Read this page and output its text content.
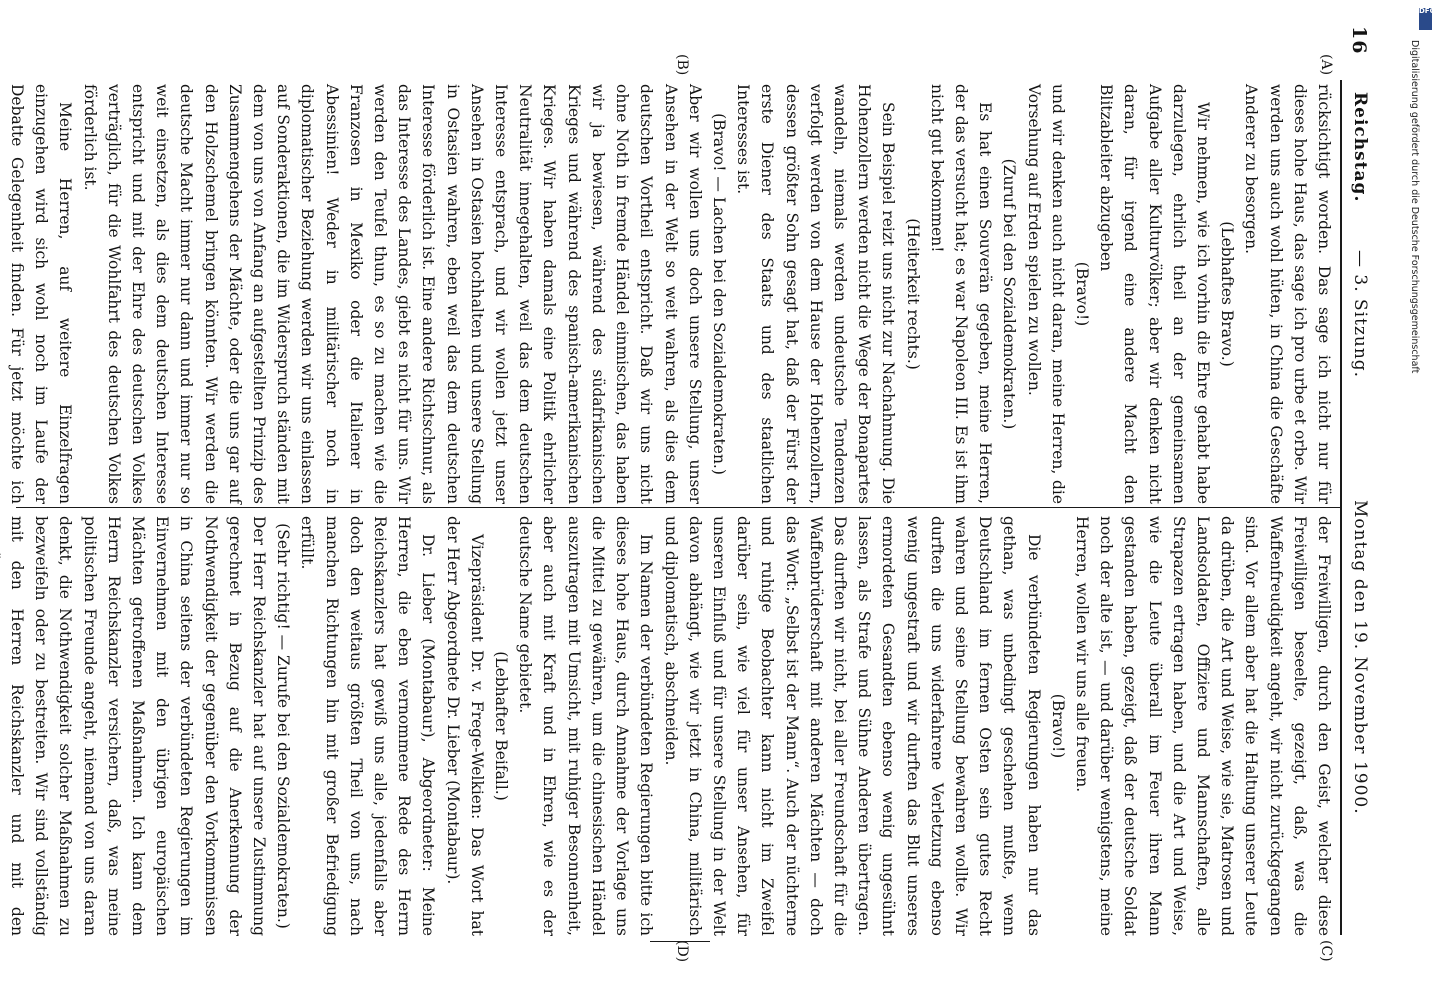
DFG
Digitalisierung gefördert durch die Deutsche Forschungsgemeinschaft
16
Reichstag.
— 3. Sitzung.
Montag den 19. November 1900.
(A)
(B)
(C)
(D)

rücksichtigt worden. Das sage ich nicht nur für dieses hohe Haus, das sage ich pro urbe et orbe. Wir werden uns auch wohl hüten, in China die Geschäfte Anderer zu besorgen.

(Lebhaftes Bravo.)

Wir nehmen, wie ich vorhin die Ehre gehabt habe darzulegen, ehrlich theil an der gemeinsamen Aufgabe aller Kulturvölker; aber wir denken nicht daran, für irgend eine andere Macht den Blitzableiter abzugeben

(Bravo!)

und wir denken auch nicht daran, meine Herren, die Vorsehung auf Erden spielen zu wollen.

(Zuruf bei den Sozialdemokraten.)

Es hat einen Souverän gegeben, meine Herren, der das versucht hat; es war Napoleon III. Es ist ihm nicht gut bekommen!

(Heiterkeit rechts.)

Sein Beispiel reizt uns nicht zur Nachahmung. Die Hohenzollern werden nicht die Wege der Bonapartes wandeln, niemals werden undeutsche Tendenzen verfolgt werden von dem Hause der Hohenzollern, dessen größter Sohn gesagt hat, daß der Fürst der erste Diener des Staats und des staatlichen Interesses ist.

(Bravo! — Lachen bei den Sozialdemokraten.)

Aber wir wollen uns doch unsere Stellung, unser Ansehen in der Welt so weit wahren, als dies dem deutschen Vortheil entspricht. Daß wir uns nicht ohne Noth in fremde Händel einmischen, das haben wir ja bewiesen, während des südafrikanischen Krieges und während des spanisch-amerikanischen Krieges. Wir haben damals eine Politik ehrlicher Neutralität innegehalten, weil das dem deutschen Interesse entsprach, und wir wollen jetzt unser Ansehen in Ostasien hochhalten und unsere Stellung in Ostasien wahren, eben weil das dem deutschen Interesse förderlich ist. Eine andere Richtschnur, als das Interesse des Landes, giebt es nicht für uns. Wir werden den Teufel thun, es so zu machen wie die Franzosen in Mexiko oder die Italiener in Abessinien! Weder in militärischer noch in diplomatischer Beziehung werden wir uns einlassen auf Sonderaktionen, die im Widerspruch ständen mit dem von uns von Anfang an aufgestellten Prinzip des Zusammengehens der Mächte, oder die uns gar auf den Holzschemel bringen könnten. Wir werden die deutsche Macht immer nur dann und immer nur so weit einsetzen, als dies dem deutschen Interesse entspricht und mit der Ehre des deutschen Volkes verträglich, für die Wohlfahrt des deutschen Volkes förderlich ist.

Meine Herren, auf weitere Einzelfragen einzugehen wird sich wohl noch im Laufe der Debatte Gelegenheit finden. Für jetzt möchte ich

der Freiwilligen, durch den Geist, welcher diese Freiwilligen beseelte, gezeigt, daß, was die Waffenfreudigkeit angeht, wir nicht zurückgegangen sind. Vor allem aber hat die Haltung unserer Leute da drüben, die Art und Weise, wie sie, Matrosen und Landsoldaten, Offiziere und Mannschaften, alle Strapazen ertragen haben, und die Art und Weise, wie die Leute überall im Feuer ihren Mann gestanden haben, gezeigt, daß der deutsche Soldat noch der alte ist, — und darüber wenigstens, meine Herren, wollen wir uns alle freuen.

(Bravo!)

Die verbündeten Regierungen haben nur das gethan, was unbedingt geschehen mußte, wenn Deutschland im fernen Osten sein gutes Recht wahren und seine Stellung bewahren wollte. Wir durften die uns widerfahrene Verletzung ebenso wenig ungestraft und wir durften das Blut unseres ermordeten Gesandten ebenso wenig ungesühnt lassen, als Strafe und Sühne Anderen übertragen. Das durften wir nicht, bei aller Freundschaft für die Waffenbrüderschaft mit anderen Mächten — doch das Wort: „Selbst ist der Mann“. Auch der nüchterne und ruhige Beobachter kann nicht im Zweifel darüber sein, wie viel für unser Ansehen, für unseren Einfluß und für unsere Stellung in der Welt davon abhängt, wie wir jetzt in China, militärisch und diplomatisch, abschneiden.

Im Namen der verbündeten Regierungen bitte ich dieses hohe Haus, durch Annahme der Vorlage uns die Mittel zu gewähren, um die chinesischen Händel auszutragen mit Umsicht, mit ruhiger Besonnenheit, aber auch mit Kraft und in Ehren, wie es der deutsche Name gebietet.

(Lebhafter Beifall.)

Vizepräsident Dr. v. Frege-Welkien: Das Wort hat der Herr Abgeordnete Dr. Lieber (Montabaur).

Dr. Lieber (Montabaur), Abgeordneter: Meine Herren, die eben vernommene Rede des Herrn Reichskanzlers hat gewiß uns alle, jedenfalls aber doch den weitaus größten Theil von uns, nach manchen Richtungen hin mit großer Befriedigung erfüllt.

(Sehr richtig! — Zurufe bei den Sozialdemokraten.)

Der Herr Reichskanzler hat auf unsere Zustimmung gerechnet in Bezug auf die Anerkennung der Nothwendigkeit der gegenüber den Vorkommnissen in China seitens der verbündeten Regierungen im Einvernehmen mit den übrigen europäischen Mächten getroffenen Maßnahmen. Ich kann dem Herrn Reichskanzler versichern, daß, was meine politischen Freunde angeht, niemand von uns daran denkt, die Nothwendigkeit solcher Maßnahmen zu bezweifeln oder zu bestreiten. Wir sind vollständig mit den Herren Reichskanzler und mit den
